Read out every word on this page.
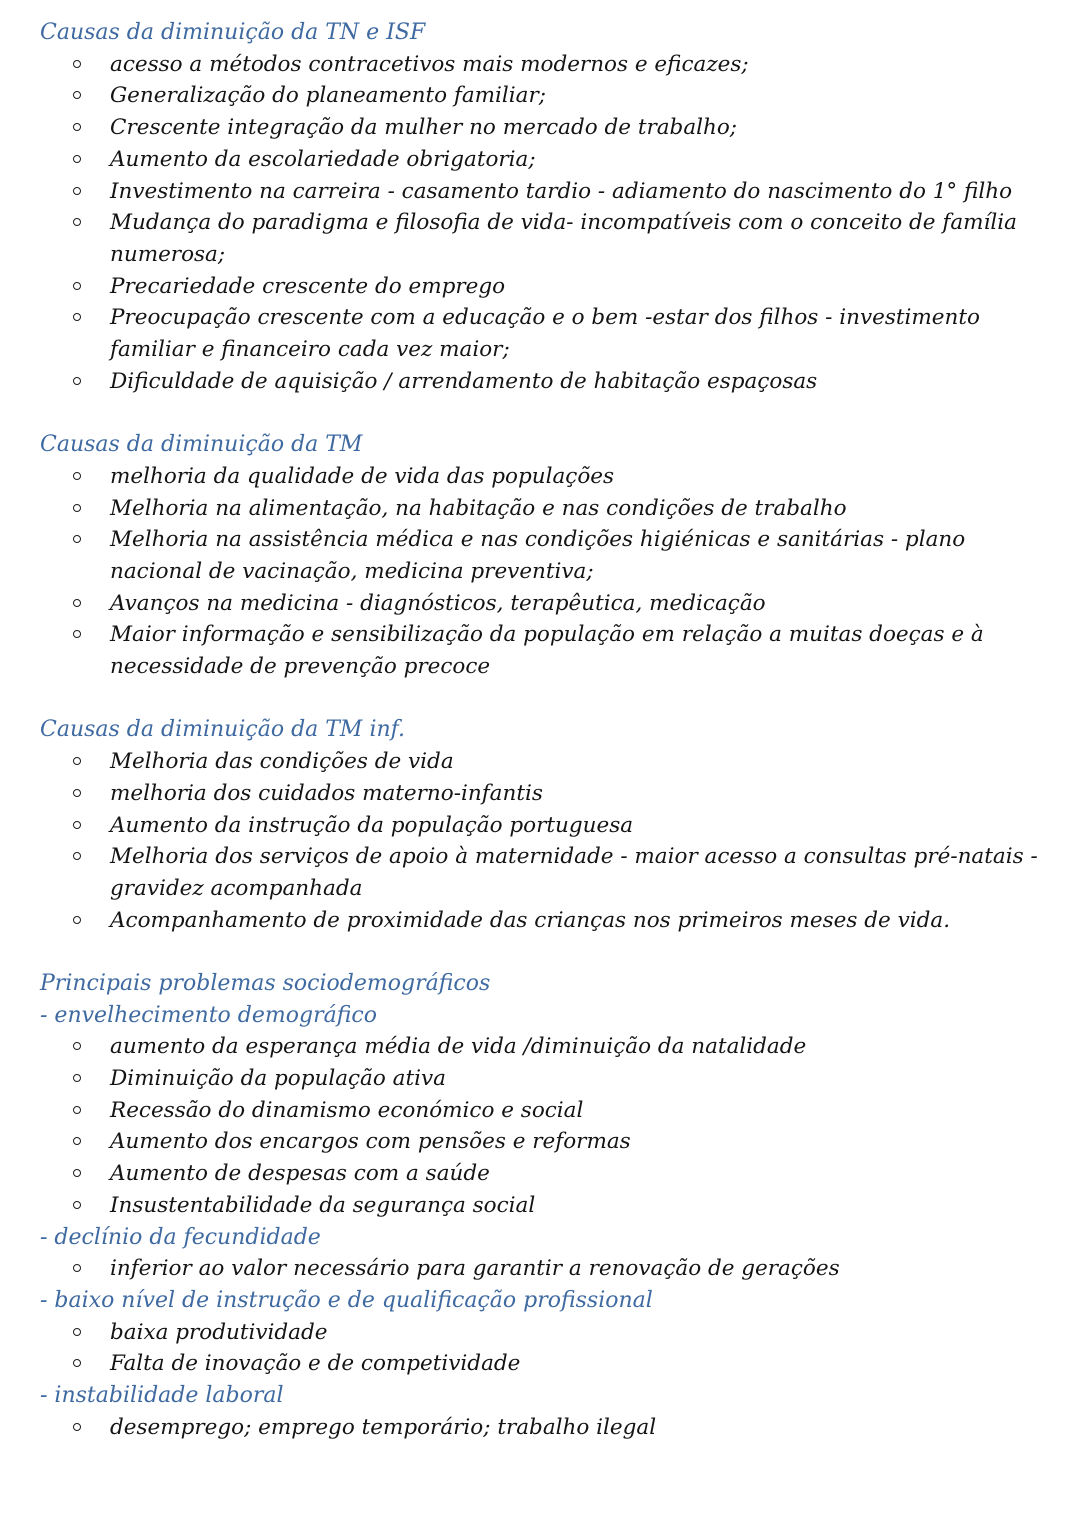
Causas da diminuição da TN e ISF
acesso a métodos contracetivos mais modernos e eficazes;
Generalização do planeamento familiar;
Crescente integração da mulher no mercado de trabalho;
Aumento da escolariedade obrigatoria;
Investimento na carreira - casamento tardio - adiamento do nascimento do 1° filho
Mudança do paradigma e filosofia de vida- incompatíveis com o conceito de família numerosa;
Precariedade crescente do emprego
Preocupação crescente com a educação e o bem -estar dos filhos - investimento familiar e financeiro cada vez maior;
Dificuldade de aquisição / arrendamento de habitação espaçosas
Causas da diminuição da TM
melhoria da qualidade de vida das populações
Melhoria na alimentação, na habitação e nas condições de trabalho
Melhoria na assistência médica e nas condições higiénicas e sanitárias - plano nacional de vacinação, medicina preventiva;
Avanços na medicina - diagnósticos, terapêutica, medicação
Maior informação e sensibilização da população em relação a muitas doeças e à necessidade de prevenção precoce
Causas da diminuição da TM inf.
Melhoria das condições de vida
melhoria dos cuidados materno-infantis
Aumento da instrução da população portuguesa
Melhoria dos serviços de apoio à maternidade - maior acesso a consultas pré-natais - gravidez acompanhada
Acompanhamento de proximidade das crianças nos primeiros meses de vida.
Principais problemas sociodemográficos
- envelhecimento demográfico
aumento da esperança média de vida /diminuição da natalidade
Diminuição da população ativa
Recessão do dinamismo económico e social
Aumento dos encargos com pensões e reformas
Aumento de despesas com a saúde
Insustentabilidade da segurança social
- declínio da fecundidade
inferior ao valor necessário para garantir a renovação de gerações
- baixo nível de instrução e de qualificação profissional
baixa produtividade
Falta de inovação e de competividade
- instabilidade laboral
desemprego; emprego temporário; trabalho ilegal
